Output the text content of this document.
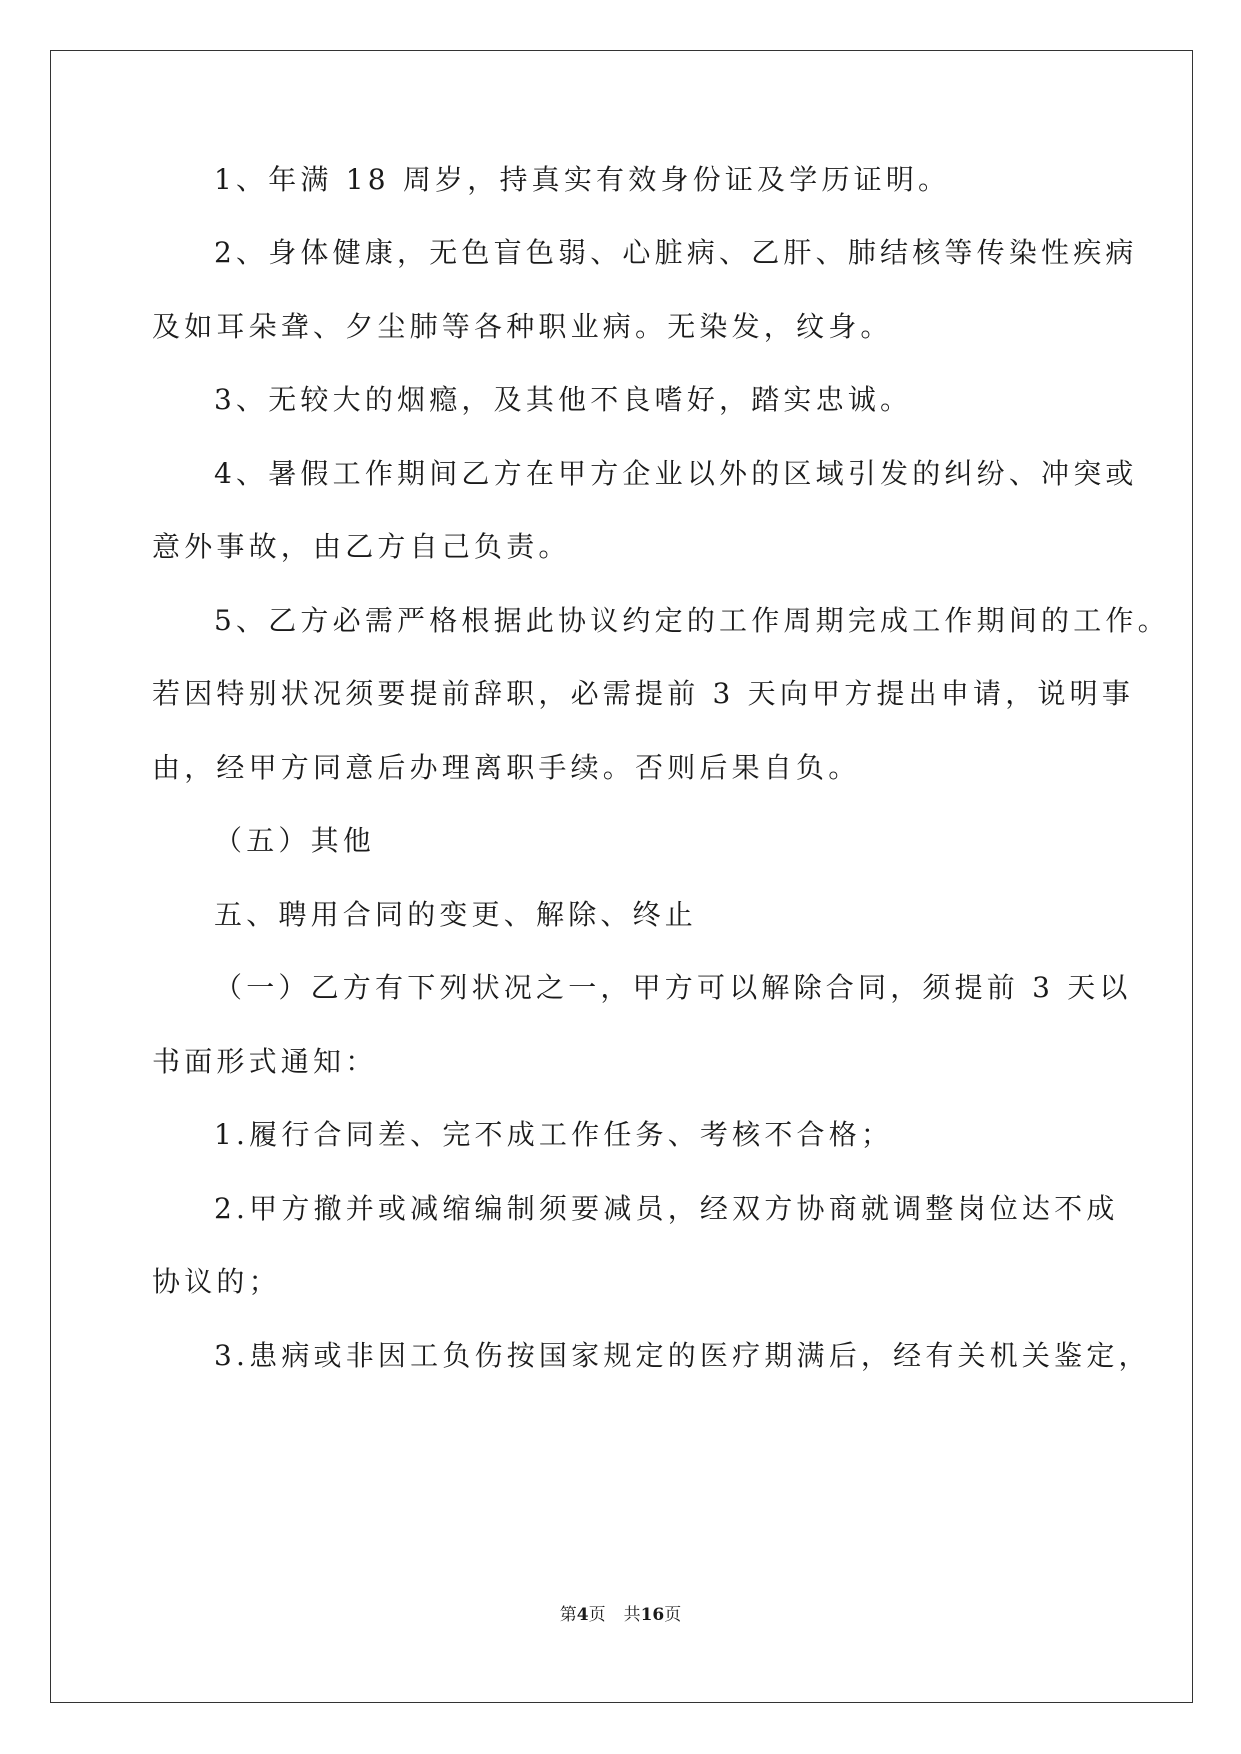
1、年满 18 周岁，持真实有效身份证及学历证明。
2、身体健康，无色盲色弱、心脏病、乙肝、肺结核等传染性疾病
及如耳朵聋、夕尘肺等各种职业病。无染发，纹身。
3、无较大的烟瘾，及其他不良嗜好，踏实忠诚。
4、暑假工作期间乙方在甲方企业以外的区域引发的纠纷、冲突或
意外事故，由乙方自己负责。
5、乙方必需严格根据此协议约定的工作周期完成工作期间的工作。
若因特别状况须要提前辞职，必需提前 3 天向甲方提出申请，说明事
由，经甲方同意后办理离职手续。否则后果自负。
（五）其他
五、聘用合同的变更、解除、终止
（一）乙方有下列状况之一，甲方可以解除合同，须提前 3 天以
书面形式通知：
1.履行合同差、完不成工作任务、考核不合格；
2.甲方撤并或减缩编制须要减员，经双方协商就调整岗位达不成
协议的；
3.患病或非因工负伤按国家规定的医疗期满后，经有关机关鉴定，
第4页 共16页
